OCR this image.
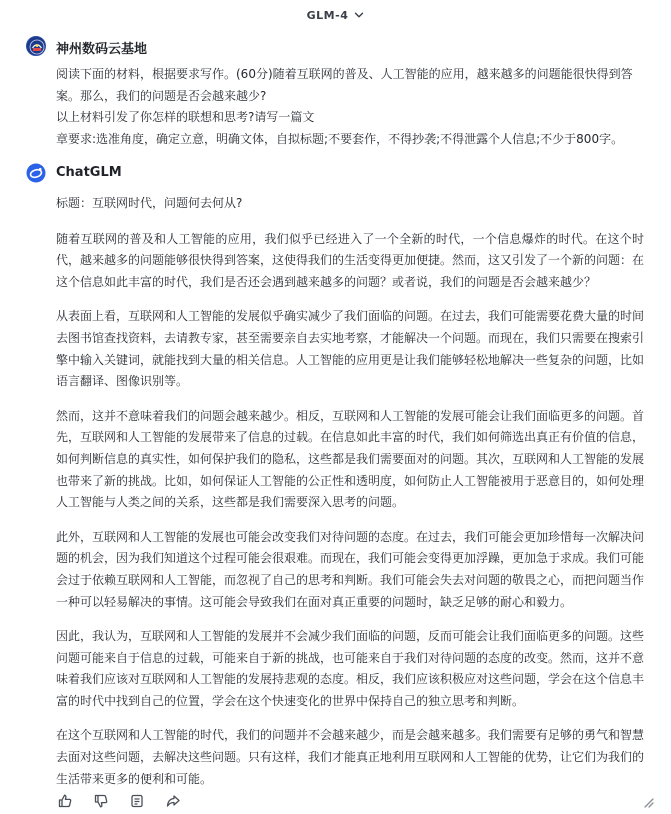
GLM-4
神州数码云基地
阅读下面的材料，根据要求写作。(60分)随着互联网的普及、人工智能的应用，越来越多的问题能很快得到答案。那么，我们的问题是否会越来越少?
以上材料引发了你怎样的联想和思考?请写一篇文
章要求:选准角度，确定立意，明确文体，自拟标题;不要套作，不得抄袭;不得泄露个人信息;不少于800字。
ChatGLM

标题：互联网时代，问题何去何从?

随着互联网的普及和人工智能的应用，我们似乎已经进入了一个全新的时代，一个信息爆炸的时代。在这个时代，越来越多的问题能够很快得到答案，这使得我们的生活变得更加便捷。然而，这又引发了一个新的问题：在这个信息如此丰富的时代，我们是否还会遇到越来越多的问题？或者说，我们的问题是否会越来越少？

从表面上看，互联网和人工智能的发展似乎确实减少了我们面临的问题。在过去，我们可能需要花费大量的时间去图书馆查找资料，去请教专家，甚至需要亲自去实地考察，才能解决一个问题。而现在，我们只需要在搜索引擎中输入关键词，就能找到大量的相关信息。人工智能的应用更是让我们能够轻松地解决一些复杂的问题，比如语言翻译、图像识别等。

然而，这并不意味着我们的问题会越来越少。相反，互联网和人工智能的发展可能会让我们面临更多的问题。首先，互联网和人工智能的发展带来了信息的过载。在信息如此丰富的时代，我们如何筛选出真正有价值的信息，如何判断信息的真实性，如何保护我们的隐私，这些都是我们需要面对的问题。其次，互联网和人工智能的发展也带来了新的挑战。比如，如何保证人工智能的公正性和透明度，如何防止人工智能被用于恶意目的，如何处理人工智能与人类之间的关系，这些都是我们需要深入思考的问题。

此外，互联网和人工智能的发展也可能会改变我们对待问题的态度。在过去，我们可能会更加珍惜每一次解决问题的机会，因为我们知道这个过程可能会很艰难。而现在，我们可能会变得更加浮躁，更加急于求成。我们可能会过于依赖互联网和人工智能，而忽视了自己的思考和判断。我们可能会失去对问题的敬畏之心，而把问题当作一种可以轻易解决的事情。这可能会导致我们在面对真正重要的问题时，缺乏足够的耐心和毅力。

因此，我认为，互联网和人工智能的发展并不会减少我们面临的问题，反而可能会让我们面临更多的问题。这些问题可能来自于信息的过载，可能来自于新的挑战，也可能来自于我们对待问题的态度的改变。然而，这并不意味着我们应该对互联网和人工智能的发展持悲观的态度。相反，我们应该积极应对这些问题，学会在这个信息丰富的时代中找到自己的位置，学会在这个快速变化的世界中保持自己的独立思考和判断。

在这个互联网和人工智能的时代，我们的问题并不会越来越少，而是会越来越多。我们需要有足够的勇气和智慧去面对这些问题，去解决这些问题。只有这样，我们才能真正地利用互联网和人工智能的优势，让它们为我们的生活带来更多的便利和可能。
